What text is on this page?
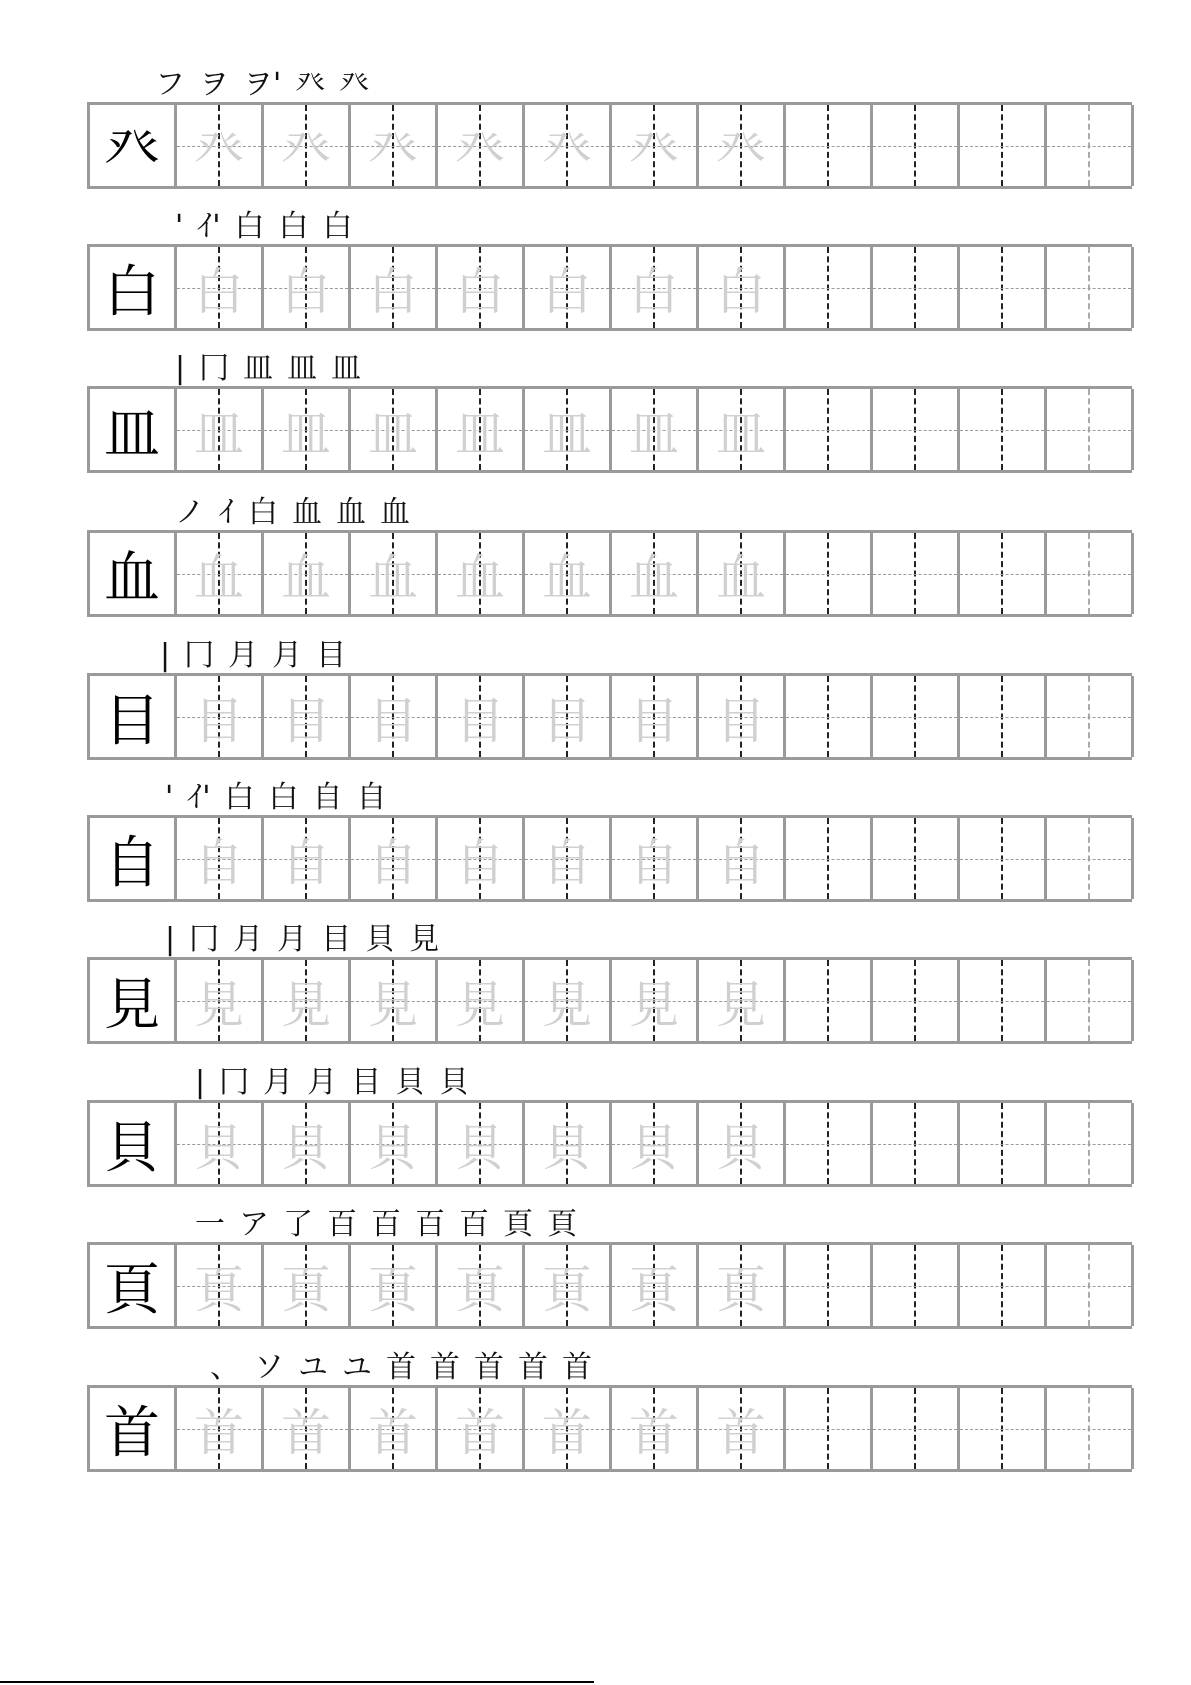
フ ヲ ヲ' 癶 癶
癶 癶 癶 癶 癶 癶 癶 癶
' ｲ' 白 白 白
白 白 白 白 白 白 白 白
| 冂 皿 皿 皿
皿 皿 皿 皿 皿 皿 皿 皿
ノ ｲ 白 血 血 血
血 血 血 血 血 血 血 血
| 冂 月 月 目
目 目 目 目 目 目 目 目
' ｲ' 白 白 自 自
自 自 自 自 自 自 自 自
| 冂 月 月 目 貝 見
見 見 見 見 見 見 見 見
| 冂 月 月 目 貝 貝
貝 貝 貝 貝 貝 貝 貝 貝
一 ア 了 百 百 百 百 頁 頁
頁 頁 頁 頁 頁 頁 頁 頁
、 ソ ユ ユ 首 首 首 首 首
首 首 首 首 首 首 首 首
